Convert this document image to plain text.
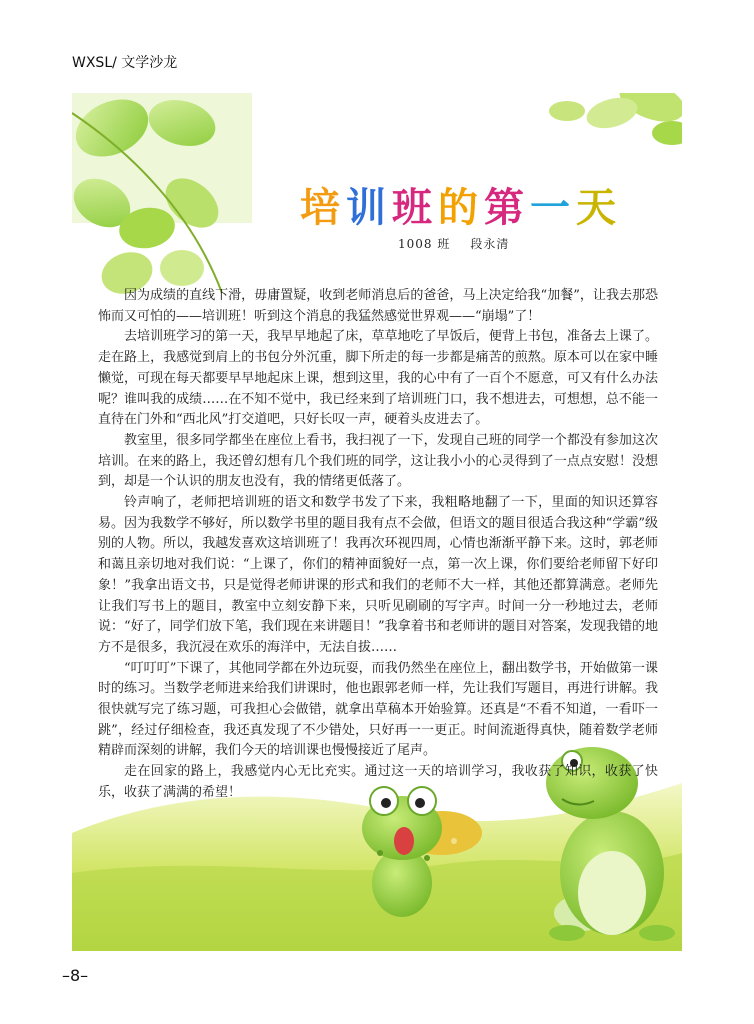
WXSL/ 文学沙龙
培训班的第一天
1008 班 段永清

因为成绩的直线下滑，毋庸置疑，收到老师消息后的爸爸，马上决定给我“加餐”，让我去那恐怖而又可怕的——培训班！听到这个消息的我猛然感觉世界观——“崩塌”了！

去培训班学习的第一天，我早早地起了床，草草地吃了早饭后，便背上书包，准备去上课了。走在路上，我感觉到肩上的书包分外沉重，脚下所走的每一步都是痛苦的煎熬。原本可以在家中睡懒觉，可现在每天都要早早地起床上课，想到这里，我的心中有了一百个不愿意，可又有什么办法呢？谁叫我的成绩……在不知不觉中，我已经来到了培训班门口，我不想进去，可想想，总不能一直待在门外和“西北风”打交道吧，只好长叹一声，硬着头皮进去了。

教室里，很多同学都坐在座位上看书，我扫视了一下，发现自己班的同学一个都没有参加这次培训。在来的路上，我还曾幻想有几个我们班的同学，这让我小小的心灵得到了一点点安慰！没想到，却是一个认识的朋友也没有，我的情绪更低落了。

铃声响了，老师把培训班的语文和数学书发了下来，我粗略地翻了一下，里面的知识还算容易。因为我数学不够好，所以数学书里的题目我有点不会做，但语文的题目很适合我这种“学霸”级别的人物。所以，我越发喜欢这培训班了！我再次环视四周，心情也渐渐平静下来。这时，郭老师和蔼且亲切地对我们说：“上课了，你们的精神面貌好一点，第一次上课，你们要给老师留下好印象！”我拿出语文书，只是觉得老师讲课的形式和我们的老师不大一样，其他还都算满意。老师先让我们写书上的题目，教室中立刻安静下来，只听见刷刷的写字声。时间一分一秒地过去，老师说：“好了，同学们放下笔，我们现在来讲题目！”我拿着书和老师讲的题目对答案，发现我错的地方不是很多，我沉浸在欢乐的海洋中，无法自拔……

“叮叮叮”下课了，其他同学都在外边玩耍，而我仍然坐在座位上，翻出数学书，开始做第一课时的练习。当数学老师进来给我们讲课时，他也跟郭老师一样，先让我们写题目，再进行讲解。我很快就写完了练习题，可我担心会做错，就拿出草稿本开始验算。还真是“不看不知道，一看吓一跳”，经过仔细检查，我还真发现了不少错处，只好再一一更正。时间流逝得真快，随着数学老师精辟而深刻的讲解，我们今天的培训课也慢慢接近了尾声。

走在回家的路上，我感觉内心无比充实。通过这一天的培训学习，我收获了知识，收获了快乐，收获了满满的希望！

–8–
